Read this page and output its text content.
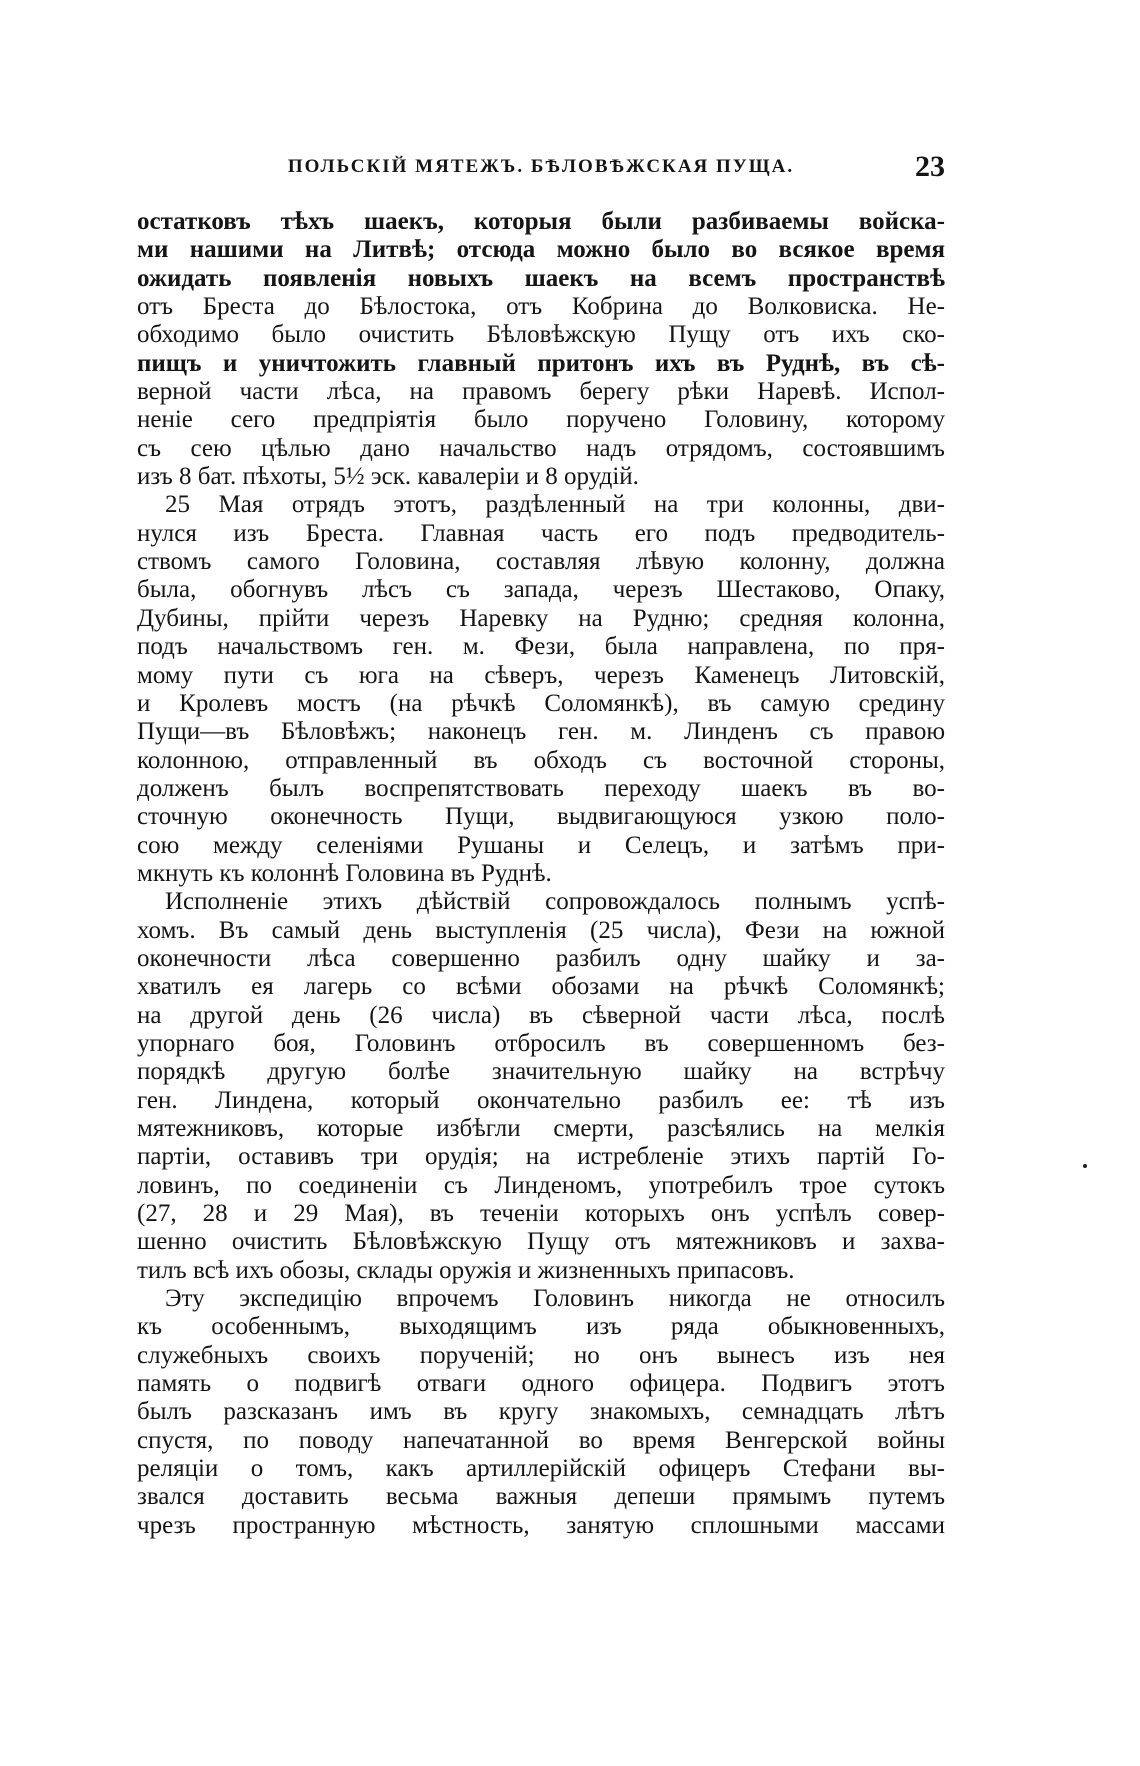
ПОЛЬСКІЙ МЯТЕЖЪ. БѢЛОВѢЖСКАЯ ПУЩА.	23
остатковъ тѣхъ шаекъ, которыя были разбиваемы войска-
ми нашими на Литвѣ; отсюда можно было во всякое время
ожидать появленія новыхъ шаекъ на всемъ пространствѣ
отъ Бреста до Бѣлостока, отъ Кобрина до Волковиска. Не-
обходимо было очистить Бѣловѣжскую Пущу отъ ихъ ско-
пищъ и уничтожить главный притонъ ихъ въ Руднѣ, въ сѣ-
верной части лѣса, на правомъ берегу рѣки Наревѣ. Испол-
неніе сего предпріятія было поручено Головину, которому
съ сею цѣлью дано начальство надъ отрядомъ, состоявшимъ
изъ 8 бат. пѣхоты, 5½ эск. кавалеріи и 8 орудій.
25 Мая отрядъ этотъ, раздѣленный на три колонны, дви-
нулся изъ Бреста. Главная часть его подъ предводитель-
ствомъ самого Головина, составляя лѣвую колонну, должна
была, обогнувъ лѣсъ съ запада, черезъ Шестаково, Опаку,
Дубины, прійти черезъ Наревку на Рудню; средняя колонна,
подъ начальствомъ ген. м. Фези, была направлена, по пря-
мому пути съ юга на сѣверъ, черезъ Каменецъ Литовскій,
и Кролевъ мостъ (на рѣчкѣ Соломянкѣ), въ самую средину
Пущи—въ Бѣловѣжъ; наконецъ ген. м. Линденъ съ правою
колонною, отправленный въ обходъ съ восточной стороны,
долженъ былъ воспрепятствовать переходу шаекъ въ во-
сточную оконечность Пущи, выдвигающуюся узкою поло-
сою между селеніями Рушаны и Селецъ, и затѣмъ при-
мкнуть къ колоннѣ Головина въ Руднѣ.
Исполненіе этихъ дѣйствій сопровождалось полнымъ успѣ-
хомъ. Въ самый день выступленія (25 числа), Фези на южной
оконечности лѣса совершенно разбилъ одну шайку и за-
хватилъ ея лагерь со всѣми обозами на рѣчкѣ Соломянкѣ;
на другой день (26 числа) въ сѣверной части лѣса, послѣ
упорнаго боя, Головинъ отбросилъ въ совершенномъ без-
порядкѣ другую болѣе значительную шайку на встрѣчу
ген. Линдена, который окончательно разбилъ ее: тѣ изъ
мятежниковъ, которые избѣгли смерти, разсѣялись на мелкія
партіи, оставивъ три орудія; на истребленіе этихъ партій Го-
ловинъ, по соединеніи съ Линденомъ, употребилъ трое сутокъ
(27, 28 и 29 Мая), въ теченіи которыхъ онъ успѣлъ совер-
шенно очистить Бѣловѣжскую Пущу отъ мятежниковъ и захва-
тилъ всѣ ихъ обозы, склады оружія и жизненныхъ припасовъ.
Эту экспедицію впрочемъ Головинъ никогда не относилъ
къ особеннымъ, выходящимъ изъ ряда обыкновенныхъ,
служебныхъ своихъ порученій; но онъ вынесъ изъ нея
память о подвигѣ отваги одного офицера. Подвигъ этотъ
былъ разсказанъ имъ въ кругу знакомыхъ, семнадцать лѣтъ
спустя, по поводу напечатанной во время Венгерской войны
реляціи о томъ, какъ артиллерійскій офицеръ Стефани вы-
звался доставить весьма важныя депеши прямымъ путемъ
чрезъ пространную мѣстность, занятую сплошными массами
